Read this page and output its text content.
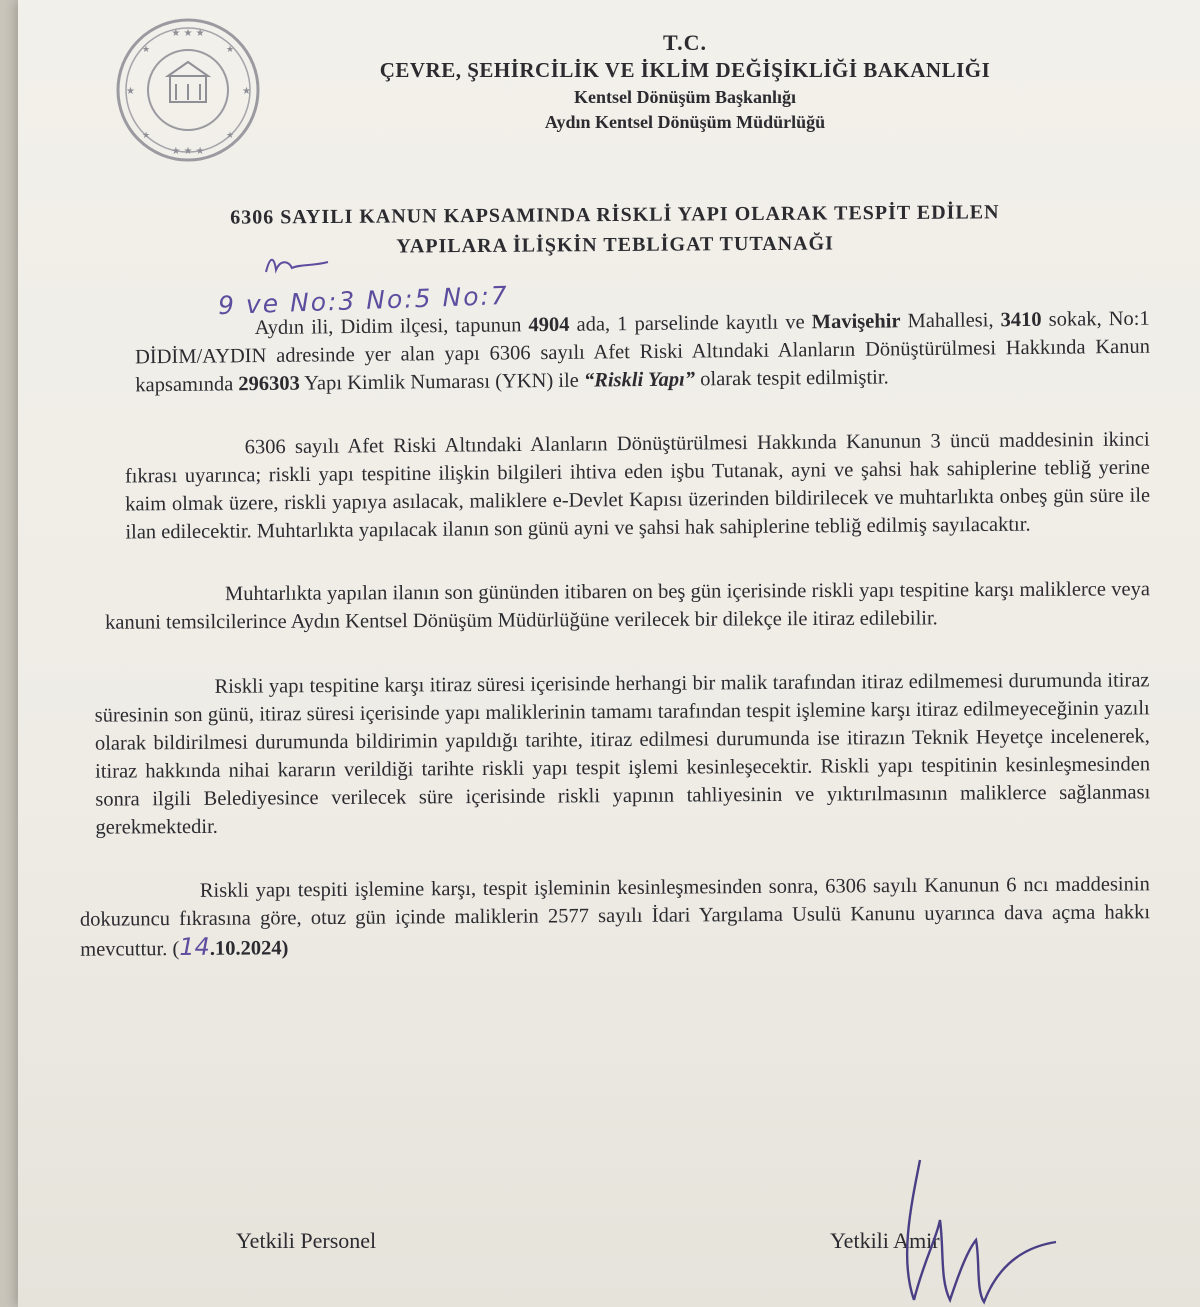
★ ★ ★
★ ★ ★
★	★
★	★
★	★
T.C.
ÇEVRE, ŞEHİRCİLİK VE İKLİM DEĞİŞİKLİĞİ BAKANLIĞI
Kentsel Dönüşüm Başkanlığı
Aydın Kentsel Dönüşüm Müdürlüğü
6306 SAYILI KANUN KAPSAMINDA RİSKLİ YAPI OLARAK TESPİT EDİLEN
YAPILARA İLİŞKİN TEBLİGAT TUTANAĞI
9 ve No:3 No:5 No:7

Aydın ili, Didim ilçesi, tapunun 4904 ada, 1 parselinde kayıtlı ve Mavişehir Mahallesi, 3410 sokak, No:1 DİDİM/AYDIN adresinde yer alan yapı 6306 sayılı Afet Riski Altındaki Alanların Dönüştürülmesi Hakkında Kanun kapsamında 296303 Yapı Kimlik Numarası (YKN) ile “Riskli Yapı” olarak tespit edilmiştir.

6306 sayılı Afet Riski Altındaki Alanların Dönüştürülmesi Hakkında Kanunun 3 üncü maddesinin ikinci fıkrası uyarınca; riskli yapı tespitine ilişkin bilgileri ihtiva eden işbu Tutanak, ayni ve şahsi hak sahiplerine tebliğ yerine kaim olmak üzere, riskli yapıya asılacak, maliklere e-Devlet Kapısı üzerinden bildirilecek ve muhtarlıkta onbeş gün süre ile ilan edilecektir. Muhtarlıkta yapılacak ilanın son günü ayni ve şahsi hak sahiplerine tebliğ edilmiş sayılacaktır.

Muhtarlıkta yapılan ilanın son gününden itibaren on beş gün içerisinde riskli yapı tespitine karşı maliklerce veya kanuni temsilcilerince Aydın Kentsel Dönüşüm Müdürlüğüne verilecek bir dilekçe ile itiraz edilebilir.

Riskli yapı tespitine karşı itiraz süresi içerisinde herhangi bir malik tarafından itiraz edilmemesi durumunda itiraz süresinin son günü, itiraz süresi içerisinde yapı maliklerinin tamamı tarafından tespit işlemine karşı itiraz edilmeyeceğinin yazılı olarak bildirilmesi durumunda bildirimin yapıldığı tarihte, itiraz edilmesi durumunda ise itirazın Teknik Heyetçe incelenerek, itiraz hakkında nihai kararın verildiği tarihte riskli yapı tespit işlemi kesinleşecektir. Riskli yapı tespitinin kesinleşmesinden sonra ilgili Belediyesince verilecek süre içerisinde riskli yapının tahliyesinin ve yıktırılmasının maliklerce sağlanması gerekmektedir.

Riskli yapı tespiti işlemine karşı, tespit işleminin kesinleşmesinden sonra, 6306 sayılı Kanunun 6 ncı maddesinin dokuzuncu fıkrasına göre, otuz gün içinde maliklerin 2577 sayılı İdari Yargılama Usulü Kanunu uyarınca dava açma hakkı mevcuttur. (14.10.2024)

Yetkili Personel	Yetkili Amir
